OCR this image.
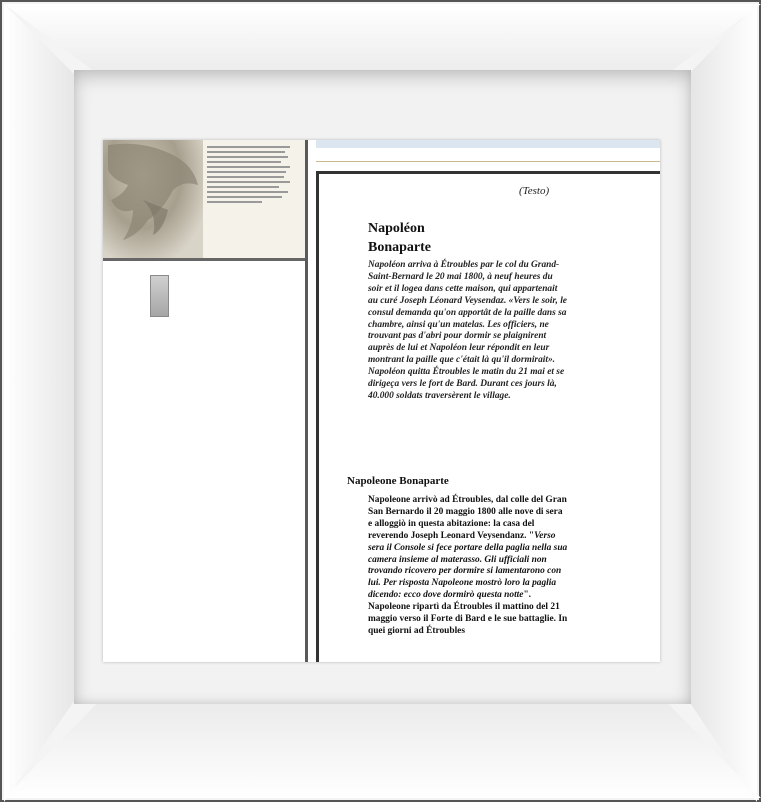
(Testo)
Napoléon
Bonaparte

Napoléon arriva à Étroubles par le col du Grand-Saint-Bernard le 20 mai 1800, à neuf heures du soir et il logea dans cette maison, qui appartenait au curé Joseph Léonard Veysendaz. «Vers le soir, le consul demanda qu'on apportât de la paille dans sa chambre, ainsi qu'un matelas. Les officiers, ne trouvant pas d'abri pour dormir se plaignirent auprès de lui et Napoléon leur répondit en leur montrant la paille que c'était là qu'il dormirait». Napoléon quitta Étroubles le matin du 21 mai et se dirigeça vers le fort de Bard. Durant ces jours là, 40.000 soldats traversèrent le village.

Napoleone Bonaparte

Napoleone arrivò ad Étroubles, dal colle del Gran San Bernardo il 20 maggio 1800 alle nove di sera e alloggiò in questa abitazione: la casa del reverendo Joseph Leonard Veysendanz. "Verso sera il Console si fece portare della paglia nella sua camera insieme al materasso. Gli ufficiali non trovando ricovero per dormire si lamentarono con lui. Per risposta Napoleone mostrò loro la paglia dicendo: ecco dove dormirò questa notte". Napoleone ripartì da Étroubles il mattino del 21 maggio verso il Forte di Bard e le sue battaglie. In quei giorni ad Étroubles
